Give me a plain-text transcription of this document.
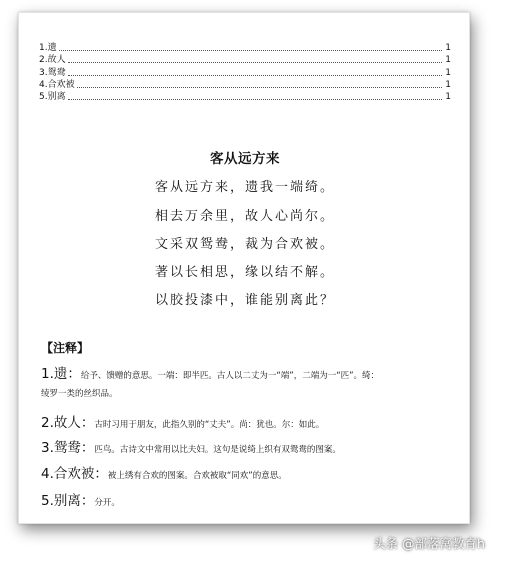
1.遗	1
2.故人	1
3.鸳鸯	1
4.合欢被	1
5.别离	1
客从远方来
客从远方来，遗我一端绮。
相去万余里，故人心尚尔。
文采双鸳鸯，裁为合欢被。
著以长相思，缘以结不解。
以胶投漆中，谁能别离此？
【注释】
1.遗：给予、馈赠的意思。一端：即半匹。古人以二丈为一“端”，二端为一“匹”。绮：
绫罗一类的丝织品。
2.故人：古时习用于朋友，此指久别的“丈夫”。尚：犹也。尔：如此。
3.鸳鸯：匹鸟。古诗文中常用以比夫妇。这句是说绮上织有双鸳鸯的图案。
4.合欢被：被上绣有合欢的图案。合欢被取“同欢”的意思。
5.别离：分开。
头条 @部落窝教育h
